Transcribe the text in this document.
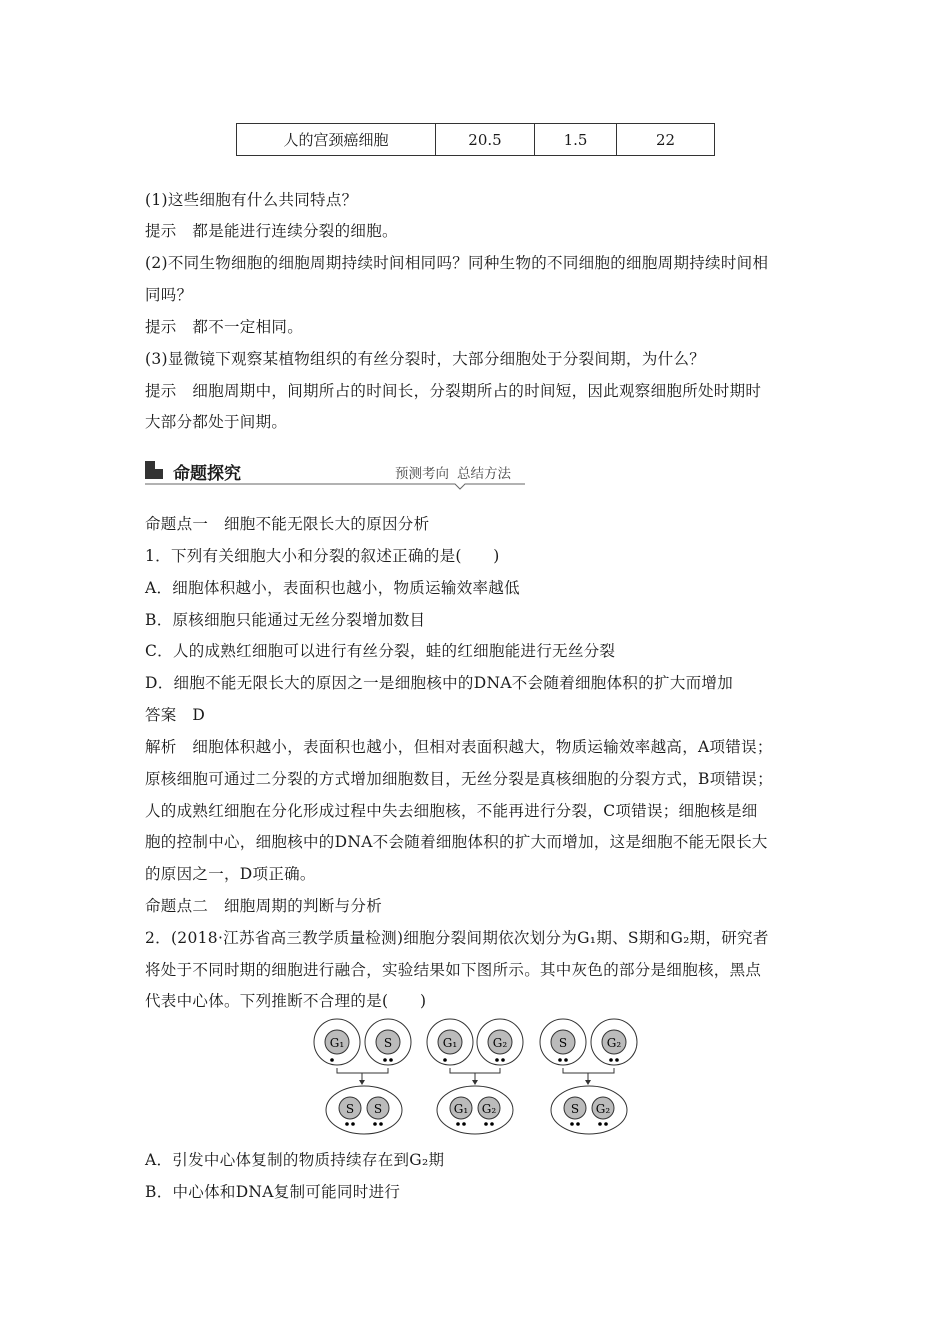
人的宫颈癌细胞	20.5	1.5	22
(1)这些细胞有什么共同特点？
提示　都是能进行连续分裂的细胞。
(2)不同生物细胞的细胞周期持续时间相同吗？同种生物的不同细胞的细胞周期持续时间相
同吗？
提示　都不一定相同。
(3)显微镜下观察某植物组织的有丝分裂时，大部分细胞处于分裂间期，为什么？
提示　细胞周期中，间期所占的时间长，分裂期所占的时间短，因此观察细胞所处时期时
大部分都处于间期。
命题探究	预测考向 总结方法
命题点一　细胞不能无限长大的原因分析
1．下列有关细胞大小和分裂的叙述正确的是(　　)
A．细胞体积越小，表面积也越小，物质运输效率越低
B．原核细胞只能通过无丝分裂增加数目
C．人的成熟红细胞可以进行有丝分裂，蛙的红细胞能进行无丝分裂
D．细胞不能无限长大的原因之一是细胞核中的DNA不会随着细胞体积的扩大而增加
答案　D
解析　细胞体积越小，表面积也越小，但相对表面积越大，物质运输效率越高，A项错误；
原核细胞可通过二分裂的方式增加细胞数目，无丝分裂是真核细胞的分裂方式，B项错误；
人的成熟红细胞在分化形成过程中失去细胞核，不能再进行分裂，C项错误；细胞核是细
胞的控制中心，细胞核中的DNA不会随着细胞体积的扩大而增加，这是细胞不能无限长大
的原因之一，D项正确。
命题点二　细胞周期的判断与分析
2．(2018·江苏省高三教学质量检测)细胞分裂间期依次划分为G₁期、S期和G₂期，研究者
将处于不同时期的细胞进行融合，实验结果如下图所示。其中灰色的部分是细胞核，黑点
代表中心体。下列推断不合理的是(　　)
G₁	S
S S
G₁	G₂
G₁ G₂
S	G₂
S G₂
A．引发中心体复制的物质持续存在到G₂期
B．中心体和DNA复制可能同时进行
